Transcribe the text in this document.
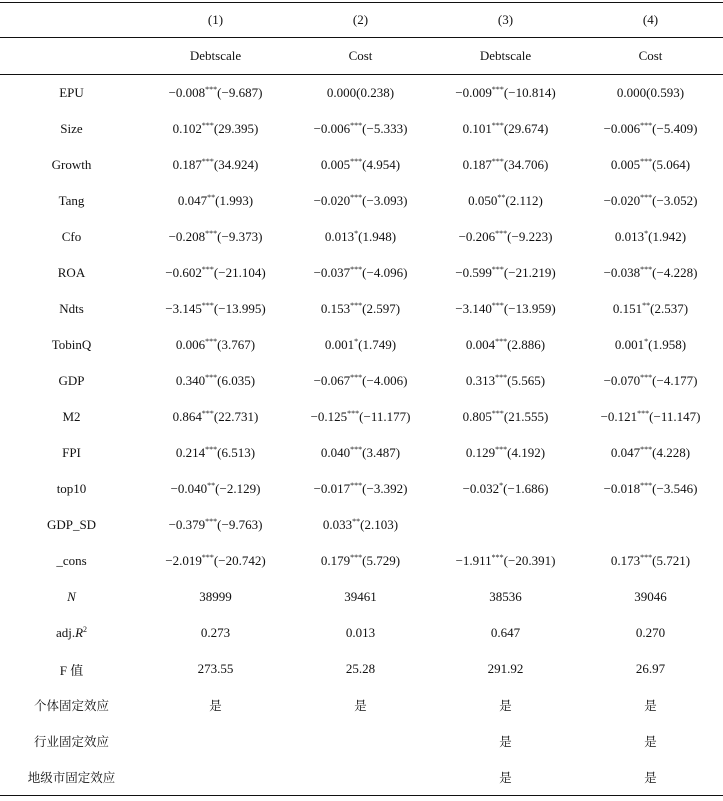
	(1)	(2)	(3)	(4)
	Debtscale	Cost	Debtscale	Cost
EPU	−0.008***(−9.687)	0.000(0.238)	−0.009***(−10.814)	0.000(0.593)
Size	0.102***(29.395)	−0.006***(−5.333)	0.101***(29.674)	−0.006***(−5.409)
Growth	0.187***(34.924)	0.005***(4.954)	0.187***(34.706)	0.005***(5.064)
Tang	0.047**(1.993)	−0.020***(−3.093)	0.050**(2.112)	−0.020***(−3.052)
Cfo	−0.208***(−9.373)	0.013*(1.948)	−0.206***(−9.223)	0.013*(1.942)
ROA	−0.602***(−21.104)	−0.037***(−4.096)	−0.599***(−21.219)	−0.038***(−4.228)
Ndts	−3.145***(−13.995)	0.153***(2.597)	−3.140***(−13.959)	0.151**(2.537)
TobinQ	0.006***(3.767)	0.001*(1.749)	0.004***(2.886)	0.001*(1.958)
GDP	0.340***(6.035)	−0.067***(−4.006)	0.313***(5.565)	−0.070***(−4.177)
M2	0.864***(22.731)	−0.125***(−11.177)	0.805***(21.555)	−0.121***(−11.147)
FPI	0.214***(6.513)	0.040***(3.487)	0.129***(4.192)	0.047***(4.228)
top10	−0.040**(−2.129)	−0.017***(−3.392)	−0.032*(−1.686)	−0.018***(−3.546)
GDP_SD	−0.379***(−9.763)	0.033**(2.103)		
_cons	−2.019***(−20.742)	0.179***(5.729)	−1.911***(−20.391)	0.173***(5.721)
N	38999	39461	38536	39046
$adj.R^2$	0.273	0.013	0.647	0.270
F 值	273.55	25.28	291.92	26.97
个体固定效应	是	是	是	是
行业固定效应			是	是
地级市固定效应			是	是
